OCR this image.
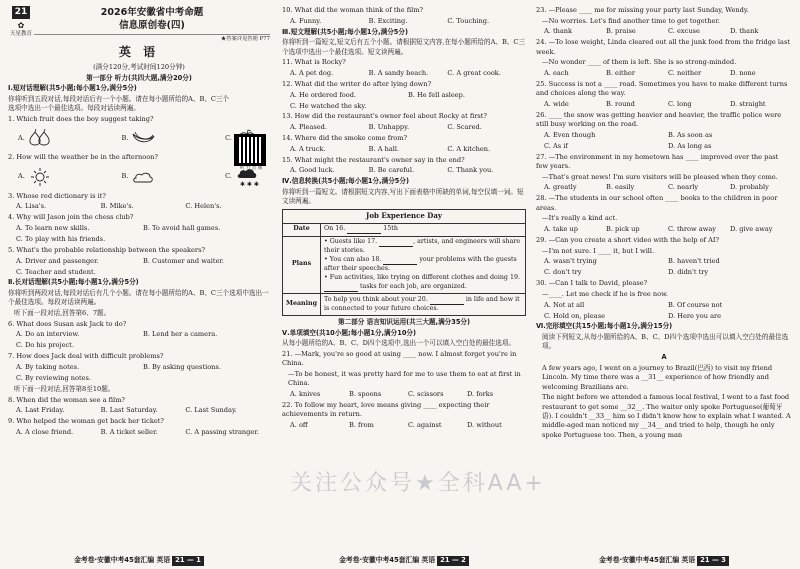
21
✿
天星教育
2026年安徽省中考命题
信息原创卷(四)
★答案详见答册 P77
英 语
(满分120分,考试时间120分钟)
第一部分 听力(共四大题,满分20分)
Ⅰ.短对话理解(共5小题;每小题1分,满分5分)
你将听到五段对话,每段对话后有一个小题。请在每小题所给的A、B、C三个选项中选出一个最佳选项。每段对话读两遍。
1. Which fruit does the boy suggest taking?
A.	B.	C.
2. How will the weather be in the afternoon?
A.	B.	C.
✱ ✱ ✱
3. Whose red dictionary is it?
A. Lisa's.	B. Mike's.	C. Helen's.
4. Why will Jason join the chess club?
A. To learn new skills.	B. To avoid hall games.
C. To play with his friends.
5. What's the probable relationship between the speakers?
A. Driver and passenger.	B. Customer and waiter.
C. Teacher and student.
Ⅱ.长对话理解(共5小题;每小题1分,满分5分)
你将听到两段对话,每段对话后有几个小题。请在每小题所给的A、B、C三个选项中选出一个最佳选项。每段对话读两遍。
听下面一段对话,回答第6、7题。
6. What does Susan ask Jack to do?
A. Do an interview.	B. Lend her a camera.
C. Do his project.
7. How does Jack deal with difficult problems?
A. By taking notes.	B. By asking questions.
C. By reviewing notes.
听下面一段对话,回答第8至10题。
8. When did the woman see a film?
A. Last Friday.	B. Last Saturday.	C. Last Sunday.
9. Who helped the woman get back her ticket?
A. A close friend.	B. A ticket seller.	C. A passing stranger.
听 力 音 频
10. What did the woman think of the film?
A. Funny.	B. Exciting.	C. Touching.
Ⅲ.短文理解(共5小题;每小题1分,满分5分)
你将听到一篇短文,短文后有五个小题。请根据短文内容,在每小题所给的A、B、C三个选项中选出一个最佳选项。短文读两遍。
11. What is Rocky?
A. A pet dog.	B. A sandy beach.	C. A great cook.
12. What did the writer do after lying down?
A. He ordered food.	B. He fell asleep.
C. He watched the sky.
13. How did the restaurant's owner feel about Rocky at first?
A. Pleased.	B. Unhappy.	C. Scared.
14. Where did the smoke come from?
A. A truck.	B. A hall.	C. A kitchen.
15. What might the restaurant's owner say in the end?
A. Good luck.	B. Be careful.	C. Thank you.
Ⅳ.信息转换(共5小题;每小题1分,满分5分)
你将听到一篇短文。请根据短文内容,写出下面表格中所缺的单词,每空仅填一词。短文读两遍。
Job Experience Day	
Date	On 16. 15th
Plans	• Guests like 17. , artists, and engineers will share their stories.
• You can also 18. your problems with the guests after their speeches.
• Fun activities, like trying on different clothes and doing 19.  tasks for each job, are organized.

Meaning	To help you think about your 20. in life and how it is connected to your future choices.
第二部分 语言知识运用(共三大题,满分35分)
Ⅴ.单项填空(共10小题;每小题1分,满分10分)
从每小题所给的A、B、C、D四个选项中,选出一个可以填入空白处的最佳选项。
21. —Mark, you're so good at using ____ now. I almost forget you're in China.
—To be honest, it was pretty hard for me to use them to eat at first in China.
A. knives	B. spoons	C. scissors	D. forks
22. To follow my heart, love means giving ____ expecting their achievements in return.
A. off	B. from	C. against	D. without
23. —Please ____ me for missing your party last Sunday, Wendy.
—No worries. Let's find another time to get together.
A. thank	B. praise	C. excuse	D. thank
24. —To lose weight, Linda cleared out all the junk food from the fridge last week.
—No wonder ____ of them is left. She is so strong-minded.
A. each	B. either	C. neither	D. none
25. Success is not a ____ road. Sometimes you have to make different turns and choices along the way.
A. wide	B. round	C. long	D. straight
26. ____ the snow was getting heavier and heavier, the traffic police were still busy working on the road.
A. Even though	B. As soon as
C. As if	D. As long as
27. —The environment in my hometown has ____ improved over the past few years.
—That's great news! I'm sure visitors will be pleased when they come.
A. greatly	B. easily	C. nearly	D. probably
28. —The students in our school often ____ books to the children in poor areas.
—It's really a kind act.
A. take up	B. pick up	C. throw away	D. give away
29. —Can you create a short video with the help of AI?
—I'm not sure. I ____ it, but I will.
A. wasn't trying	B. haven't tried
C. don't try	D. didn't try
30. —Can I talk to David, please?
—____. Let me check if he is free now.
A. Not at all	B. Of course not
C. Hold on, please	D. Here you are
Ⅵ.完形填空(共15小题;每小题1分,满分15分)
阅读下列短文,从每小题所给的A、B、C、D四个选项中选出可以填入空白处的最佳选项。
A
A few years ago, I went on a journey to Brazil(巴西) to visit my friend Lincoln. My time there was a __31__ experience of how friendly and welcoming Brazilians are.
The night before we attended a famous local festival, I went to a fast food restaurant to get some __32__. The waiter only spoke Portuguese(葡萄牙语). I couldn't __33__ him so I didn't know how to explain what I wanted. A middle-aged man noticed my __34__ and tried to help, though he only spoke Portuguese too. Then, a young man
金考卷·安徽中考45套汇编 英语 21 — 1	金考卷·安徽中考45套汇编 英语 21 — 2	金考卷·安徽中考45套汇编 英语 21 — 3
关注公众号★全科AA+
